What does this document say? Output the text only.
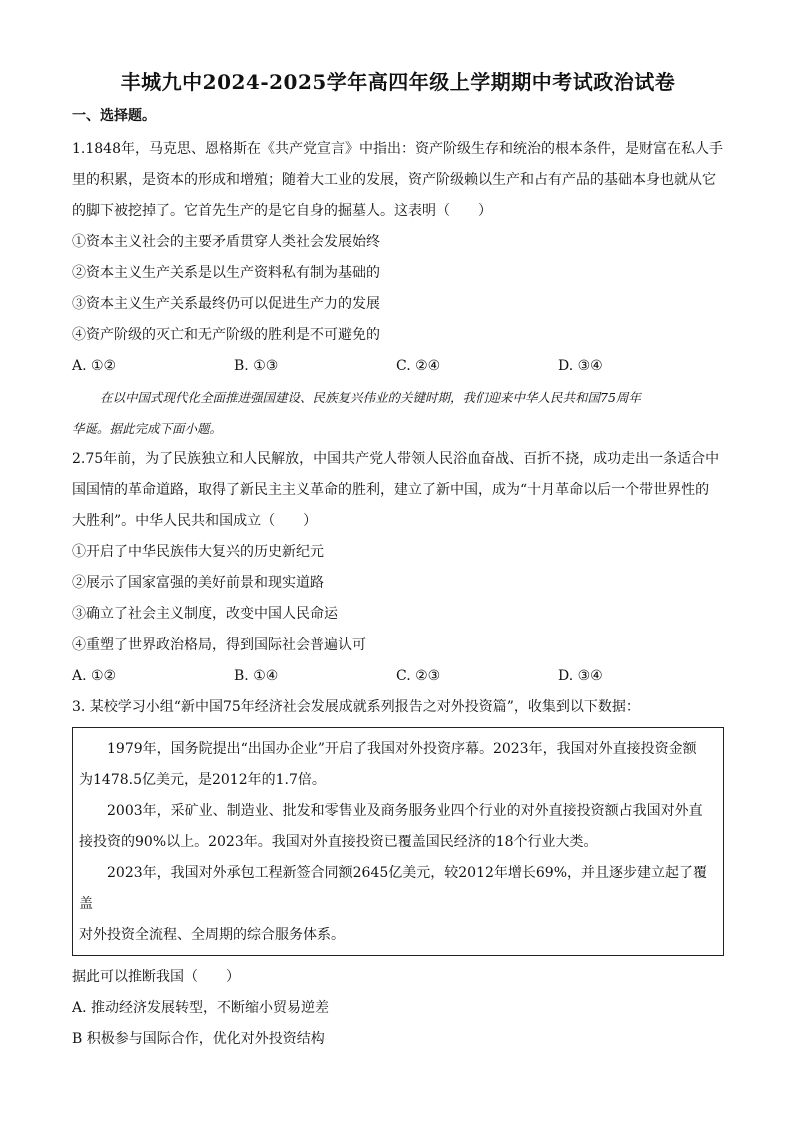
丰城九中2024-2025学年高四年级上学期期中考试政治试卷
一、选择题。

1.1848年，马克思、恩格斯在《共产党宣言》中指出：资产阶级生存和统治的根本条件，是财富在私人手

里的积累，是资本的形成和增殖；随着大工业的发展，资产阶级赖以生产和占有产品的基础本身也就从它

的脚下被挖掉了。它首先生产的是它自身的掘墓人。这表明（　　）

①资本主义社会的主要矛盾贯穿人类社会发展始终

②资本主义生产关系是以生产资料私有制为基础的

③资本主义生产关系最终仍可以促进生产力的发展

④资产阶级的灭亡和无产阶级的胜利是不可避免的

A. ①②	B. ①③	C. ②④	D. ③④

在以中国式现代化全面推进强国建设、民族复兴伟业的关键时期，我们迎来中华人民共和国75周年

华诞。据此完成下面小题。

2.75年前，为了民族独立和人民解放，中国共产党人带领人民浴血奋战、百折不挠，成功走出一条适合中

国国情的革命道路，取得了新民主主义革命的胜利，建立了新中国，成为“十月革命以后一个带世界性的

大胜利”。中华人民共和国成立（　　）

①开启了中华民族伟大复兴的历史新纪元

②展示了国家富强的美好前景和现实道路

③确立了社会主义制度，改变中国人民命运

④重塑了世界政治格局，得到国际社会普遍认可

A. ①②	B. ①④	C. ②③	D. ③④

3. 某校学习小组“新中国75年经济社会发展成就系列报告之对外投资篇”，收集到以下数据：

1979年，国务院提出“出国办企业”开启了我国对外投资序幕。2023年，我国对外直接投资金额

为1478.5亿美元，是2012年的1.7倍。

2003年，采矿业、制造业、批发和零售业及商务服务业四个行业的对外直接投资额占我国对外直

接投资的90%以上。2023年。我国对外直接投资已覆盖国民经济的18个行业大类。

2023年，我国对外承包工程新签合同额2645亿美元，较2012年增长69%，并且逐步建立起了覆盖

对外投资全流程、全周期的综合服务体系。

据此可以推断我国（　　）

A. 推动经济发展转型，不断缩小贸易逆差

B 积极参与国际合作，优化对外投资结构
